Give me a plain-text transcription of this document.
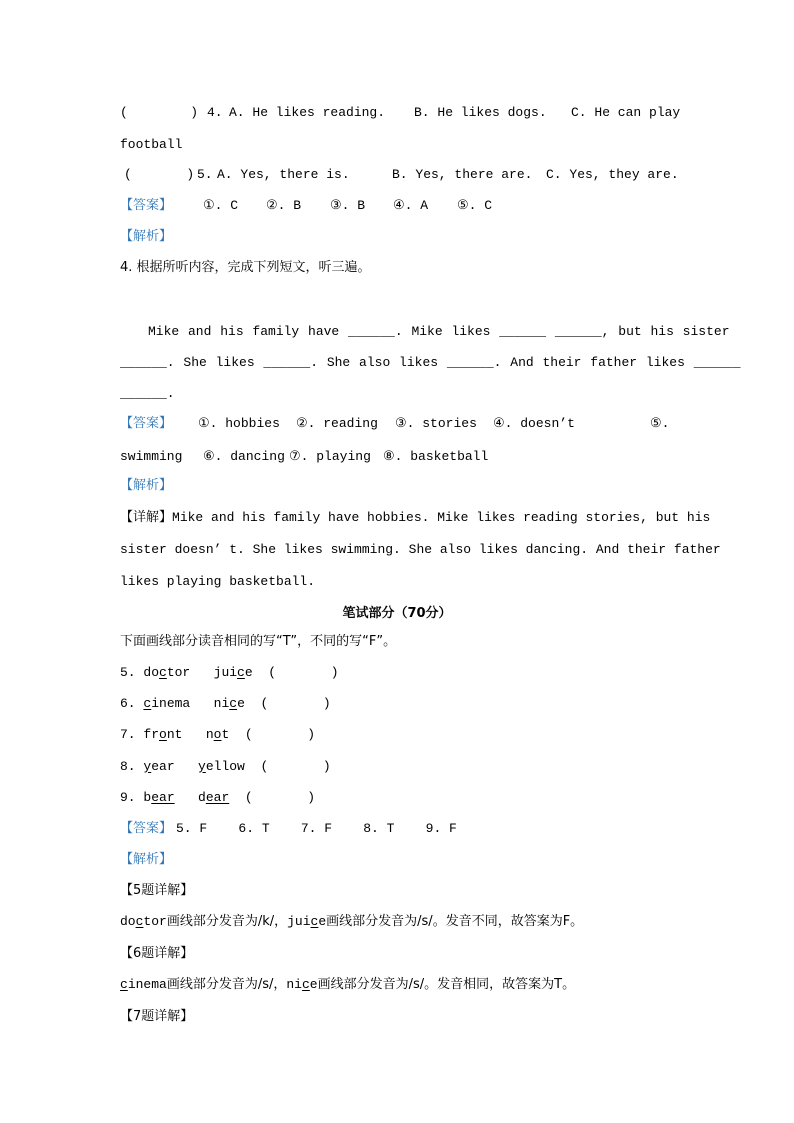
(        ) 4. A. He likes reading. B. He likes dogs. C. He can play
football
(       ) 5. A. Yes, there is.	B. Yes, there are. C. Yes, they are.
【答案】 ①. C ②. B ③. B ④. A ⑤. C
【解析】
4. 根据所听内容，完成下列短文，听三遍。
Mike and his family have ______. Mike likes ______ ______, but his sister
______. She likes ______. She also likes ______. And their father likes ______
______.
【答案】 ①. hobbies ②. reading ③. stories ④. doesn’t	⑤.
swimming ⑥. dancing ⑦. playing ⑧. basketball
【解析】
【详解】Mike and his family have hobbies. Mike likes reading stories, but his
sister doesn’ t. She likes swimming. She also likes dancing. And their father
likes playing basketball.
笔试部分（70分）
下面画线部分读音相同的写“T”，不同的写“F”。
5. doctor juice (       )
6. cinema nice (       )
7. front not (       )
8. year yellow (       )
9. bear dear (       )
【答案】 5. F    6. T    7. F    8. T    9. F
【解析】
【5题详解】
doctor画线部分发音为/k/，juice画线部分发音为/s/。发音不同，故答案为F。
【6题详解】
cinema画线部分发音为/s/，nice画线部分发音为/s/。发音相同，故答案为T。
【7题详解】
